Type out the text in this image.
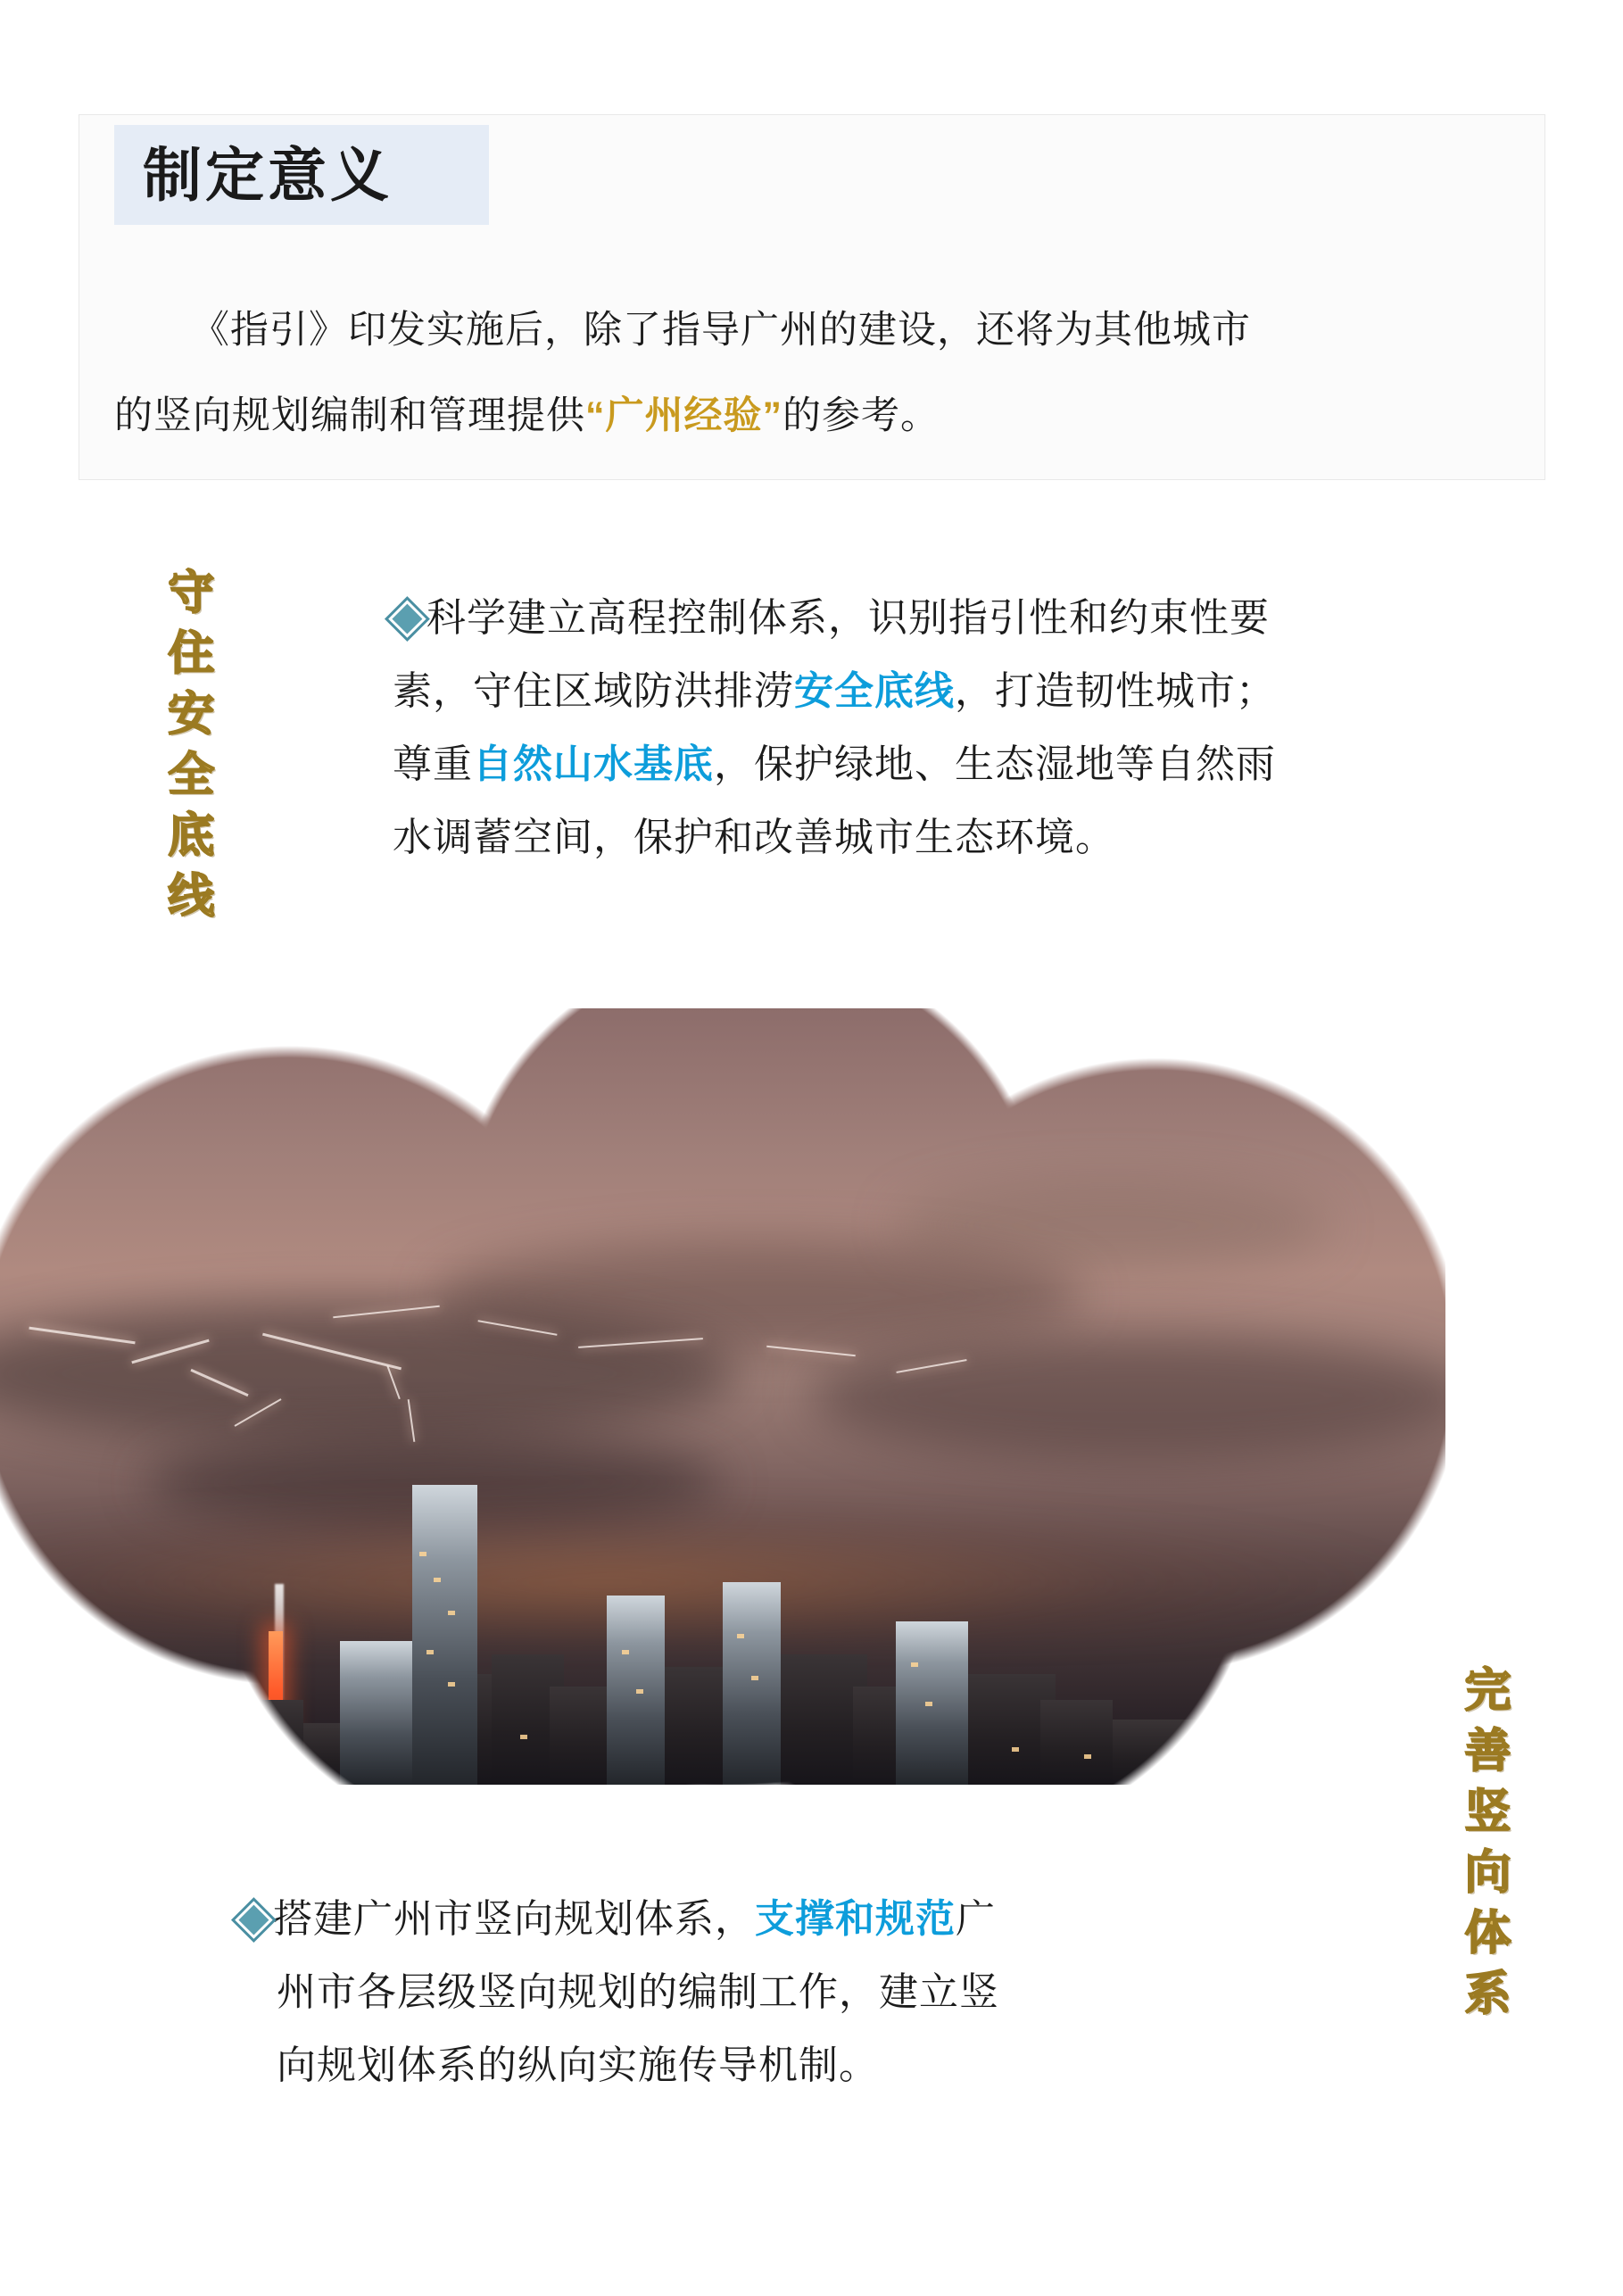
制定意义
《指引》印发实施后，除了指导广州的建设，还将为其他城市
的竖向规划编制和管理提供“广州经验”的参考。
守住安全底线
完善竖向体系
科学建立高程控制体系，识别指引性和约束性要
素，守住区域防洪排涝安全底线，打造韧性城市；
尊重自然山水基底，保护绿地、生态湿地等自然雨
水调蓄空间，保护和改善城市生态环境。
搭建广州市竖向规划体系，支撑和规范广
州市各层级竖向规划的编制工作，建立竖
向规划体系的纵向实施传导机制。
